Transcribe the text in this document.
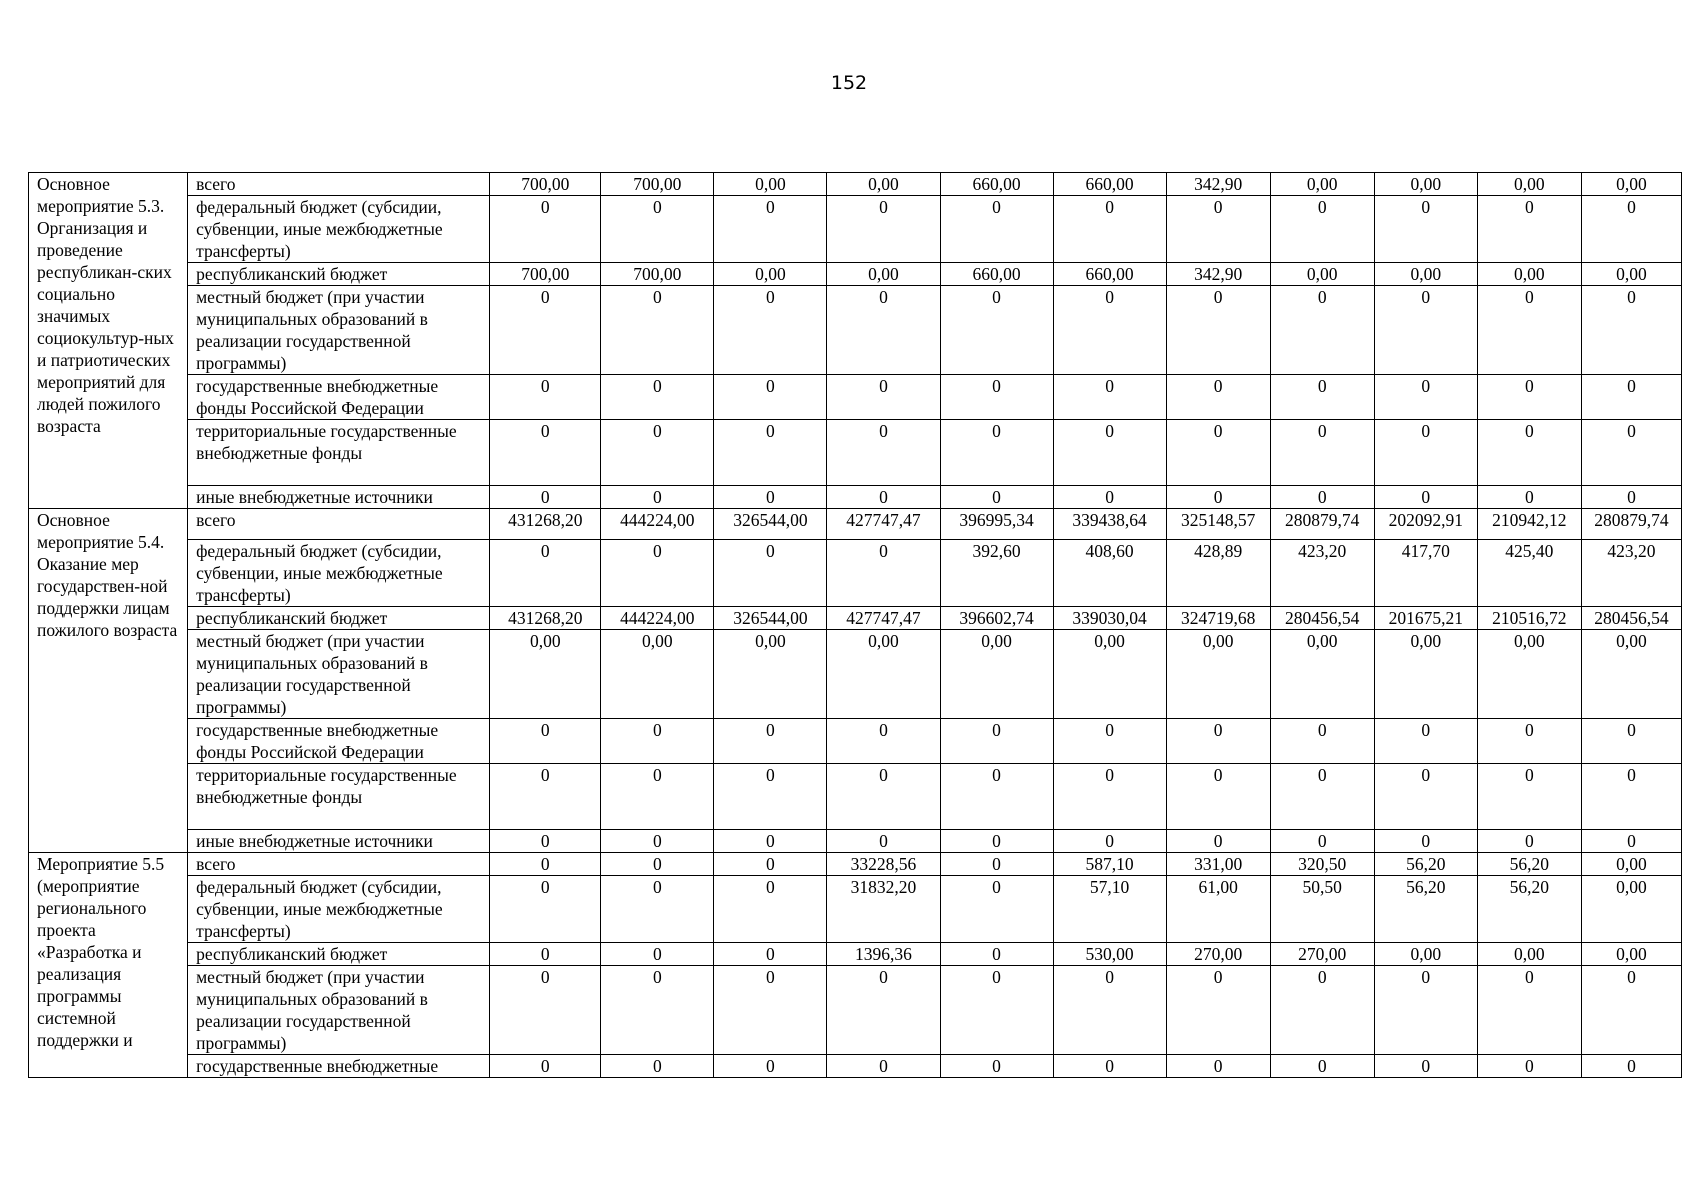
152
Основное мероприятие 5.3. Организация и проведение республикан-ских социально значимых социокультур-ных и патриотических мероприятий для людей пожилого возраста	всего	700,00	700,00	0,00	0,00	660,00	660,00	342,90	0,00	0,00	0,00	0,00
	федеральный бюджет (субсидии, субвенции, иные межбюджетные трансферты)	0	0	0	0	0	0	0	0	0	0	0
	республиканский бюджет	700,00	700,00	0,00	0,00	660,00	660,00	342,90	0,00	0,00	0,00	0,00
	местный бюджет (при участии муниципальных образований в реализации государственной программы)	0	0	0	0	0	0	0	0	0	0	0
	государственные внебюджетные фонды Российской Федерации	0	0	0	0	0	0	0	0	0	0	0
	территориальные государственные внебюджетные фонды	0	0	0	0	0	0	0	0	0	0	0
	иные внебюджетные источники	0	0	0	0	0	0	0	0	0	0	0
Основное мероприятие 5.4. Оказание мер государствен-ной поддержки лицам пожилого возраста	всего	431268,20	444224,00	326544,00	427747,47	396995,34	339438,64	325148,57	280879,74	202092,91	210942,12	280879,74
	федеральный бюджет (субсидии, субвенции, иные межбюджетные трансферты)	0	0	0	0	392,60	408,60	428,89	423,20	417,70	425,40	423,20
	республиканский бюджет	431268,20	444224,00	326544,00	427747,47	396602,74	339030,04	324719,68	280456,54	201675,21	210516,72	280456,54
	местный бюджет (при участии муниципальных образований в реализации государственной программы)	0,00	0,00	0,00	0,00	0,00	0,00	0,00	0,00	0,00	0,00	0,00
	государственные внебюджетные фонды Российской Федерации	0	0	0	0	0	0	0	0	0	0	0
	территориальные государственные внебюджетные фонды	0	0	0	0	0	0	0	0	0	0	0
	иные внебюджетные источники	0	0	0	0	0	0	0	0	0	0	0
Мероприятие 5.5 (мероприятие регионального проекта «Разработка и реализация программы системной поддержки и	всего	0	0	0	33228,56	0	587,10	331,00	320,50	56,20	56,20	0,00
	федеральный бюджет (субсидии, субвенции, иные межбюджетные трансферты)	0	0	0	31832,20	0	57,10	61,00	50,50	56,20	56,20	0,00
	республиканский бюджет	0	0	0	1396,36	0	530,00	270,00	270,00	0,00	0,00	0,00
	местный бюджет (при участии муниципальных образований в реализации государственной программы)	0	0	0	0	0	0	0	0	0	0	0
	государственные внебюджетные	0	0	0	0	0	0	0	0	0	0	0
